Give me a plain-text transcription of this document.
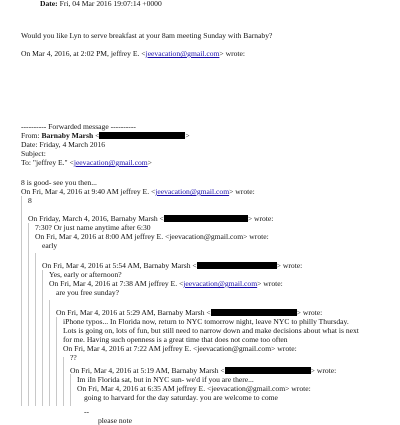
Date: Fri, 04 Mar 2016 19:07:14 +0000
Would you like Lyn to serve breakfast at your 8am meeting Sunday with Barnaby?
On Mar 4, 2016, at 2:02 PM, jeffrey E. <jeevacation@gmail.com> wrote:
---------- Forwarded message ----------
From: Barnaby Marsh <	>
Date: Friday, 4 March 2016
Subject:
To: "jeffrey E." <jeevacation@gmail.com>
8 is good- see you then...
On Fri, Mar 4, 2016 at 9:40 AM jeffrey E. <jeevacation@gmail.com> wrote:
8
On Friday, March 4, 2016, Barnaby Marsh <	> wrote:
7:30? Or just name anytime after 6:30
On Fri, Mar 4, 2016 at 8:00 AM jeffrey E. <jeevacation@gmail.com> wrote:
early
On Fri, Mar 4, 2016 at 5:54 AM, Barnaby Marsh <	> wrote:
Yes, early or afternoon?
On Fri, Mar 4, 2016 at 7:38 AM jeffrey E. <jeevacation@gmail.com> wrote:
are you free sunday?
On Fri, Mar 4, 2016 at 5:29 AM, Barnaby Marsh <	> wrote:
iPhone typos... In Florida now, return to NYC tomorrow night, leave NYC to philly Thursday.
Lots is going on, lots of fun, but still need to narrow down and make decisions about what is next
for me. Having such openness is a great time that does not come too often
On Fri, Mar 4, 2016 at 7:22 AM jeffrey E. <jeevacation@gmail.com> wrote:
??
On Fri, Mar 4, 2016 at 5:19 AM, Barnaby Marsh <	> wrote:
Im iIn Florida sat, but in NYC sun- we'd if you are there...
On Fri, Mar 4, 2016 at 6:35 AM jeffrey E. <jeevacation@gmail.com> wrote:
going to harvard for the day saturday. you are welcome to come
--
please note
